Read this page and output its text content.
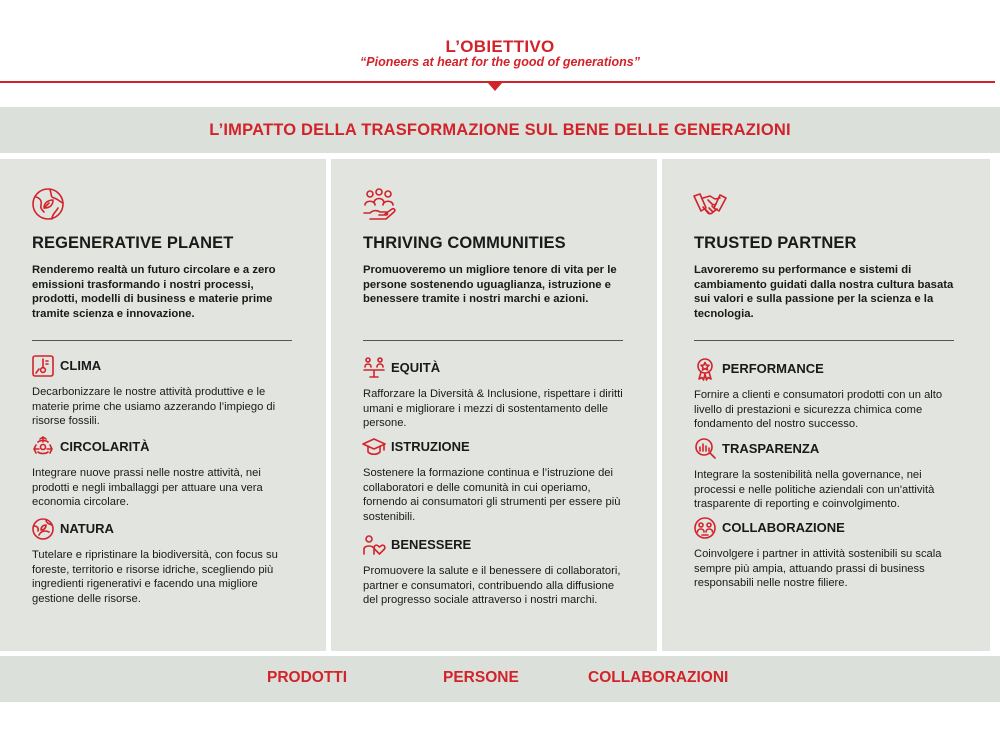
L’OBIETTIVO
“Pioneers at heart for the good of generations”
L’IMPATTO DELLA TRASFORMAZIONE SUL BENE DELLE GENERAZIONI
REGENERATIVE PLANET
Renderemo realtà un futuro circolare e a zero emissioni trasformando i nostri processi, prodotti, modelli di business e materie prime tramite scienza e innovazione.
CLIMA
Decarbonizzare le nostre attività produttive e le materie prime che usiamo azzerando l’impiego di risorse fossili.
CIRCOLARITÀ
Integrare nuove prassi nelle nostre attività, nei prodotti e negli imballaggi per attuare una vera economia circolare.
NATURA
Tutelare e ripristinare la biodiversità, con focus su foreste, territorio e risorse idriche, scegliendo più ingredienti rigenerativi e facendo una migliore gestione delle risorse.
THRIVING COMMUNITIES
Promuoveremo un migliore tenore di vita per le persone sostenendo uguaglianza, istruzione e benessere tramite i nostri marchi e azioni.
EQUITÀ
Rafforzare la Diversità & Inclusione, rispettare i diritti umani e migliorare i mezzi di sostentamento delle persone.
ISTRUZIONE
Sostenere la formazione continua e l’istruzione dei collaboratori e delle comunità in cui operiamo, fornendo ai consumatori gli strumenti per essere più sostenibili.
BENESSERE
Promuovere la salute e il benessere di collaboratori, partner e consumatori, contribuendo alla diffusione del progresso sociale attraverso i nostri marchi.
TRUSTED PARTNER
Lavoreremo su performance e sistemi di cambiamento guidati dalla nostra cultura basata sui valori e sulla passione per la scienza e la tecnologia.
PERFORMANCE
Fornire a clienti e consumatori prodotti con un alto livello di prestazioni e sicurezza chimica come fondamento del nostro successo.
TRASPARENZA
Integrare la sostenibilità nella governance, nei processi e nelle politiche aziendali con un'attività trasparente di reporting e coinvolgimento.
COLLABORAZIONE
Coinvolgere i partner in attività sostenibili su scala sempre più ampia, attuando prassi di business responsabili nelle nostre filiere.
PRODOTTI	PERSONE	COLLABORAZIONI
